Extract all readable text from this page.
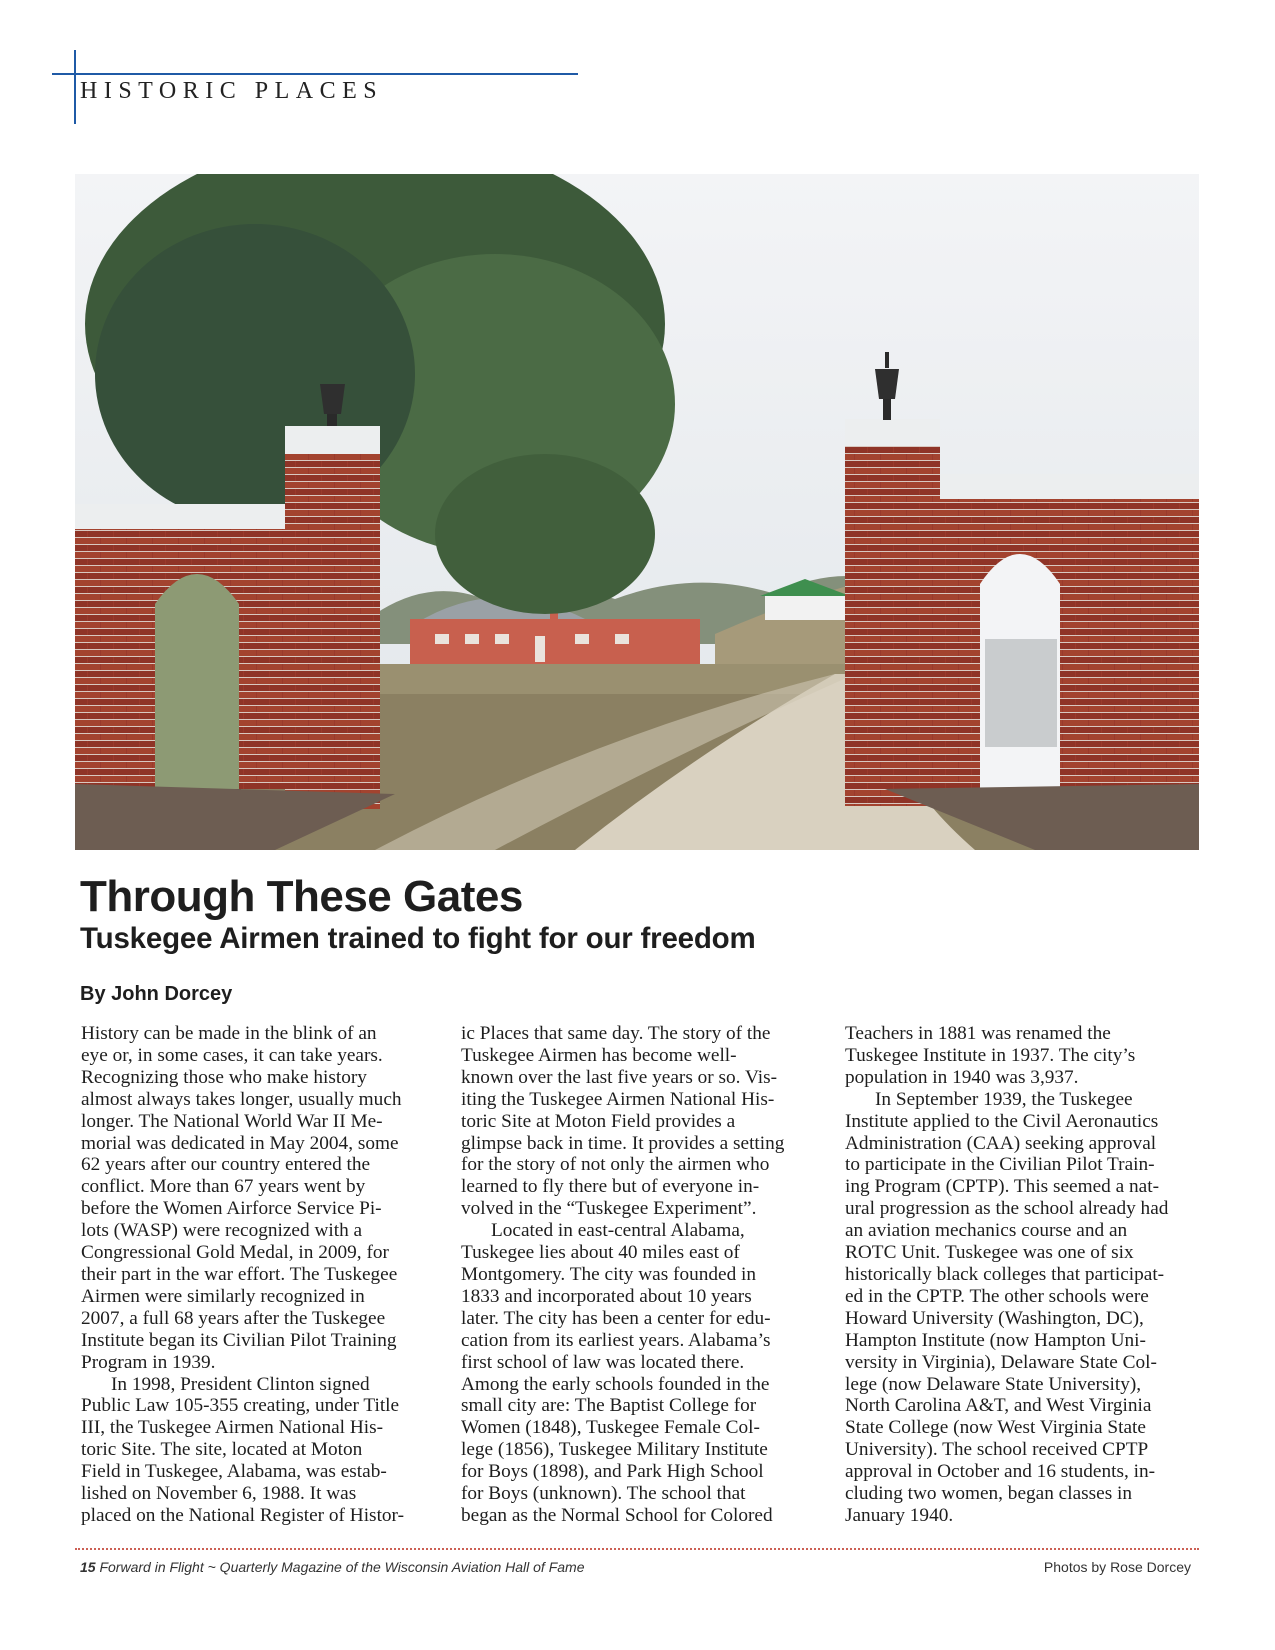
HISTORIC PLACES
Through These Gates
Tuskegee Airmen trained to fight for our freedom
By John Dorcey
History can be made in the blink of an
eye or, in some cases, it can take years.
Recognizing those who make history
almost always takes longer, usually much
longer. The National World War II Me-
morial was dedicated in May 2004, some
62 years after our country entered the
conflict. More than 67 years went by
before the Women Airforce Service Pi-
lots (WASP) were recognized with a
Congressional Gold Medal, in 2009, for
their part in the war effort. The Tuskegee
Airmen were similarly recognized in
2007, a full 68 years after the Tuskegee
Institute began its Civilian Pilot Training
Program in 1939.
In 1998, President Clinton signed
Public Law 105-355 creating, under Title
III, the Tuskegee Airmen National His-
toric Site. The site, located at Moton
Field in Tuskegee, Alabama, was estab-
lished on November 6, 1988. It was
placed on the National Register of Histor-
ic Places that same day. The story of the
Tuskegee Airmen has become well-
known over the last five years or so. Vis-
iting the Tuskegee Airmen National His-
toric Site at Moton Field provides a
glimpse back in time. It provides a setting
for the story of not only the airmen who
learned to fly there but of everyone in-
volved in the “Tuskegee Experiment”.
Located in east-central Alabama,
Tuskegee lies about 40 miles east of
Montgomery. The city was founded in
1833 and incorporated about 10 years
later. The city has been a center for edu-
cation from its earliest years. Alabama’s
first school of law was located there.
Among the early schools founded in the
small city are: The Baptist College for
Women (1848), Tuskegee Female Col-
lege (1856), Tuskegee Military Institute
for Boys (1898), and Park High School
for Boys (unknown). The school that
began as the Normal School for Colored
Teachers in 1881 was renamed the
Tuskegee Institute in 1937. The city’s
population in 1940 was 3,937.
In September 1939, the Tuskegee
Institute applied to the Civil Aeronautics
Administration (CAA) seeking approval
to participate in the Civilian Pilot Train-
ing Program (CPTP). This seemed a nat-
ural progression as the school already had
an aviation mechanics course and an
ROTC Unit. Tuskegee was one of six
historically black colleges that participat-
ed in the CPTP. The other schools were
Howard University (Washington, DC),
Hampton Institute (now Hampton Uni-
versity in Virginia), Delaware State Col-
lege (now Delaware State University),
North Carolina A&T, and West Virginia
State College (now West Virginia State
University). The school received CPTP
approval in October and 16 students, in-
cluding two women, began classes in
January 1940.
15 Forward in Flight ~ Quarterly Magazine of the Wisconsin Aviation Hall of Fame	Photos by Rose Dorcey
